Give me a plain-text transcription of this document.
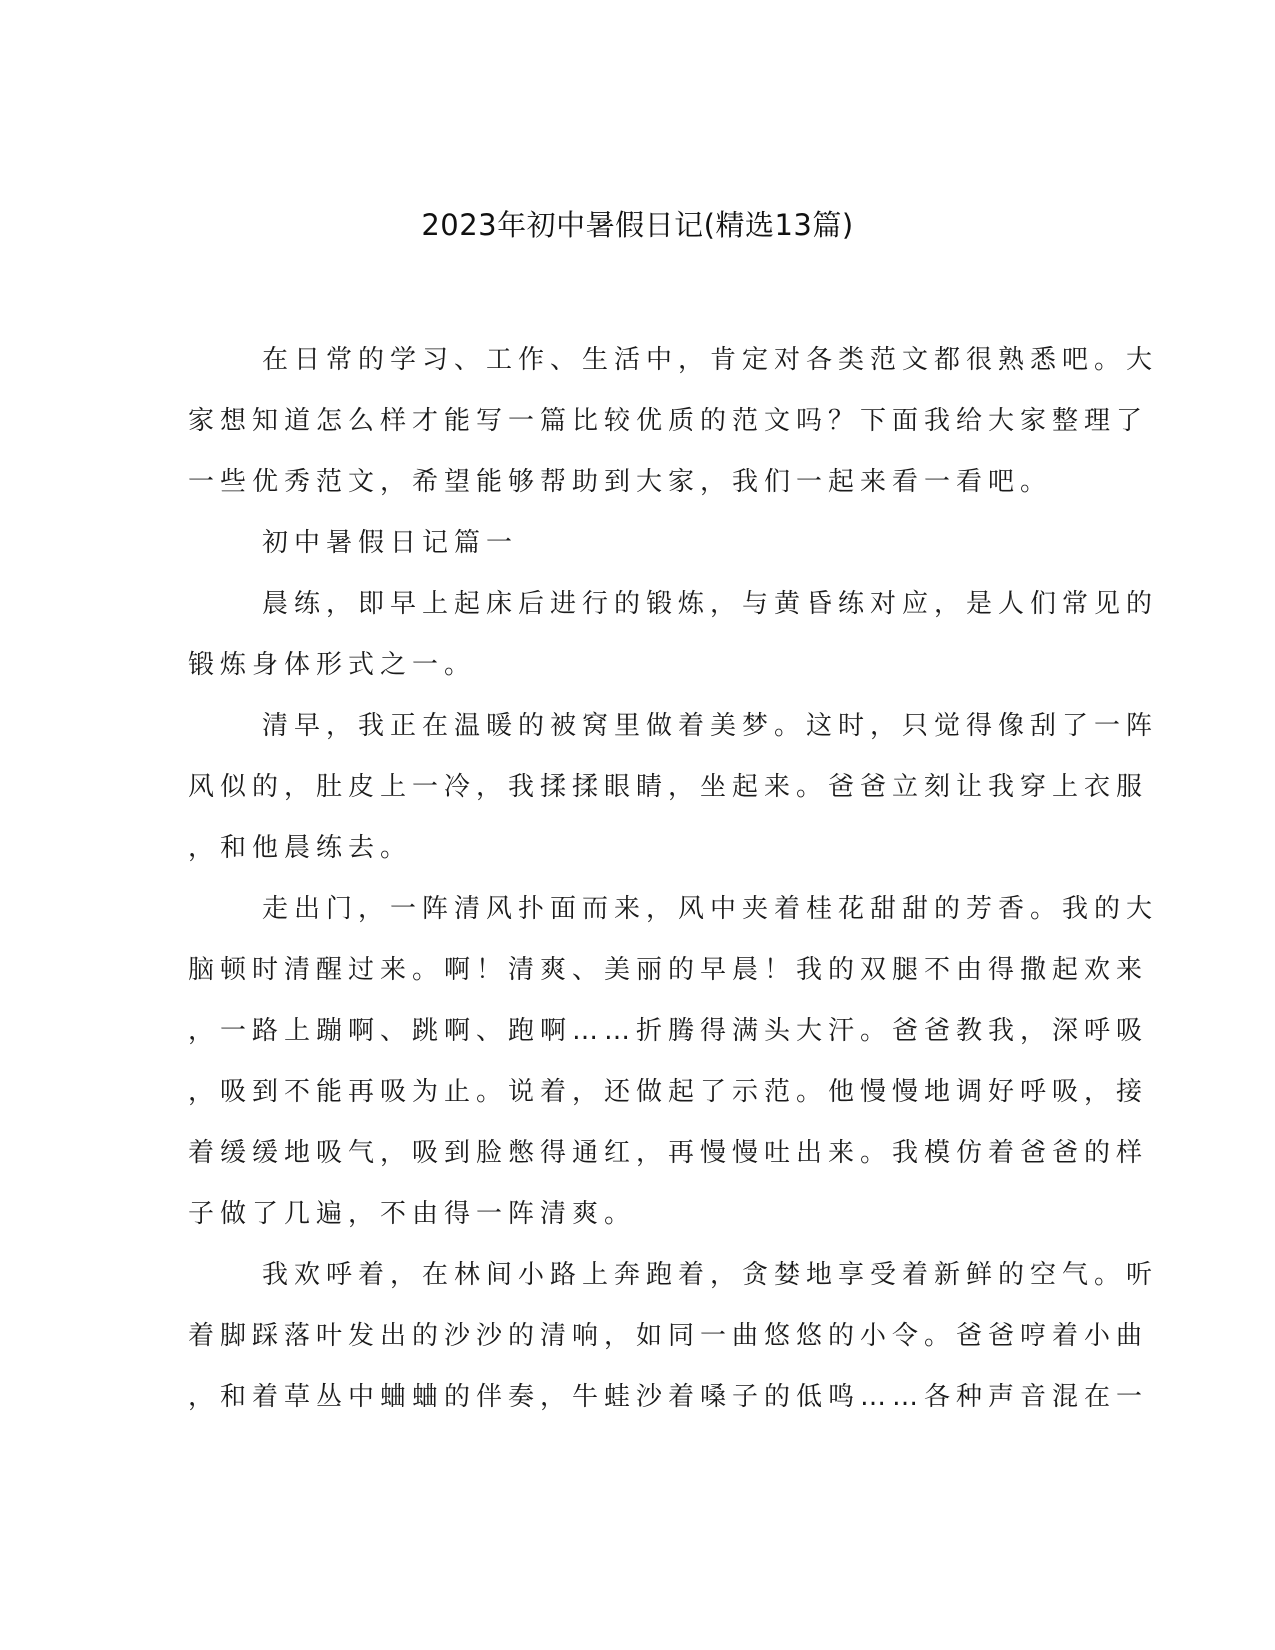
2023年初中暑假日记(精选13篇)
在日常的学习、工作、生活中，肯定对各类范文都很熟悉吧。大
家想知道怎么样才能写一篇比较优质的范文吗？下面我给大家整理了
一些优秀范文，希望能够帮助到大家，我们一起来看一看吧。
初中暑假日记篇一
晨练，即早上起床后进行的锻炼，与黄昏练对应，是人们常见的
锻炼身体形式之一。
清早，我正在温暖的被窝里做着美梦。这时，只觉得像刮了一阵
风似的，肚皮上一冷，我揉揉眼睛，坐起来。爸爸立刻让我穿上衣服
，和他晨练去。
走出门，一阵清风扑面而来，风中夹着桂花甜甜的芳香。我的大
脑顿时清醒过来。啊！清爽、美丽的早晨！我的双腿不由得撒起欢来
，一路上蹦啊、跳啊、跑啊……折腾得满头大汗。爸爸教我，深呼吸
，吸到不能再吸为止。说着，还做起了示范。他慢慢地调好呼吸，接
着缓缓地吸气，吸到脸憋得通红，再慢慢吐出来。我模仿着爸爸的样
子做了几遍，不由得一阵清爽。
我欢呼着，在林间小路上奔跑着，贪婪地享受着新鲜的空气。听
着脚踩落叶发出的沙沙的清响，如同一曲悠悠的小令。爸爸哼着小曲
，和着草丛中蛐蛐的伴奏，牛蛙沙着嗓子的低鸣……各种声音混在一
